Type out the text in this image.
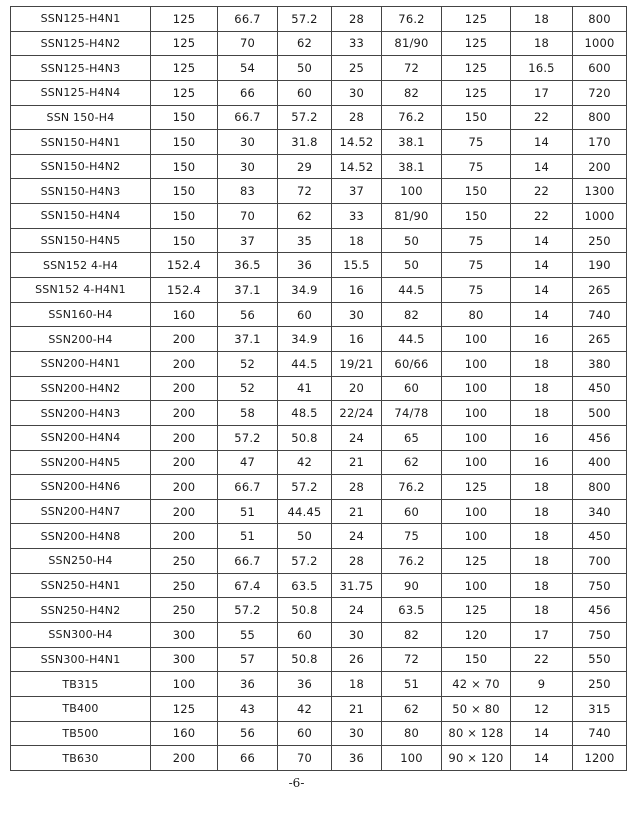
SSN125-H4N1	125	66.7	57.2	28	76.2	125	18	800
SSN125-H4N2	125	70	62	33	81/90	125	18	1000
SSN125-H4N3	125	54	50	25	72	125	16.5	600
SSN125-H4N4	125	66	60	30	82	125	17	720
SSN 150-H4	150	66.7	57.2	28	76.2	150	22	800
SSN150-H4N1	150	30	31.8	14.52	38.1	75	14	170
SSN150-H4N2	150	30	29	14.52	38.1	75	14	200
SSN150-H4N3	150	83	72	37	100	150	22	1300
SSN150-H4N4	150	70	62	33	81/90	150	22	1000
SSN150-H4N5	150	37	35	18	50	75	14	250
SSN152 4-H4	152.4	36.5	36	15.5	50	75	14	190
SSN152 4-H4N1	152.4	37.1	34.9	16	44.5	75	14	265
SSN160-H4	160	56	60	30	82	80	14	740
SSN200-H4	200	37.1	34.9	16	44.5	100	16	265
SSN200-H4N1	200	52	44.5	19/21	60/66	100	18	380
SSN200-H4N2	200	52	41	20	60	100	18	450
SSN200-H4N3	200	58	48.5	22/24	74/78	100	18	500
SSN200-H4N4	200	57.2	50.8	24	65	100	16	456
SSN200-H4N5	200	47	42	21	62	100	16	400
SSN200-H4N6	200	66.7	57.2	28	76.2	125	18	800
SSN200-H4N7	200	51	44.45	21	60	100	18	340
SSN200-H4N8	200	51	50	24	75	100	18	450
SSN250-H4	250	66.7	57.2	28	76.2	125	18	700
SSN250-H4N1	250	67.4	63.5	31.75	90	100	18	750
SSN250-H4N2	250	57.2	50.8	24	63.5	125	18	456
SSN300-H4	300	55	60	30	82	120	17	750
SSN300-H4N1	300	57	50.8	26	72	150	22	550
TB315	100	36	36	18	51	42 × 70	9	250
TB400	125	43	42	21	62	50 × 80	12	315
TB500	160	56	60	30	80	80 × 128	14	740
TB630	200	66	70	36	100	90 × 120	14	1200
-6-
